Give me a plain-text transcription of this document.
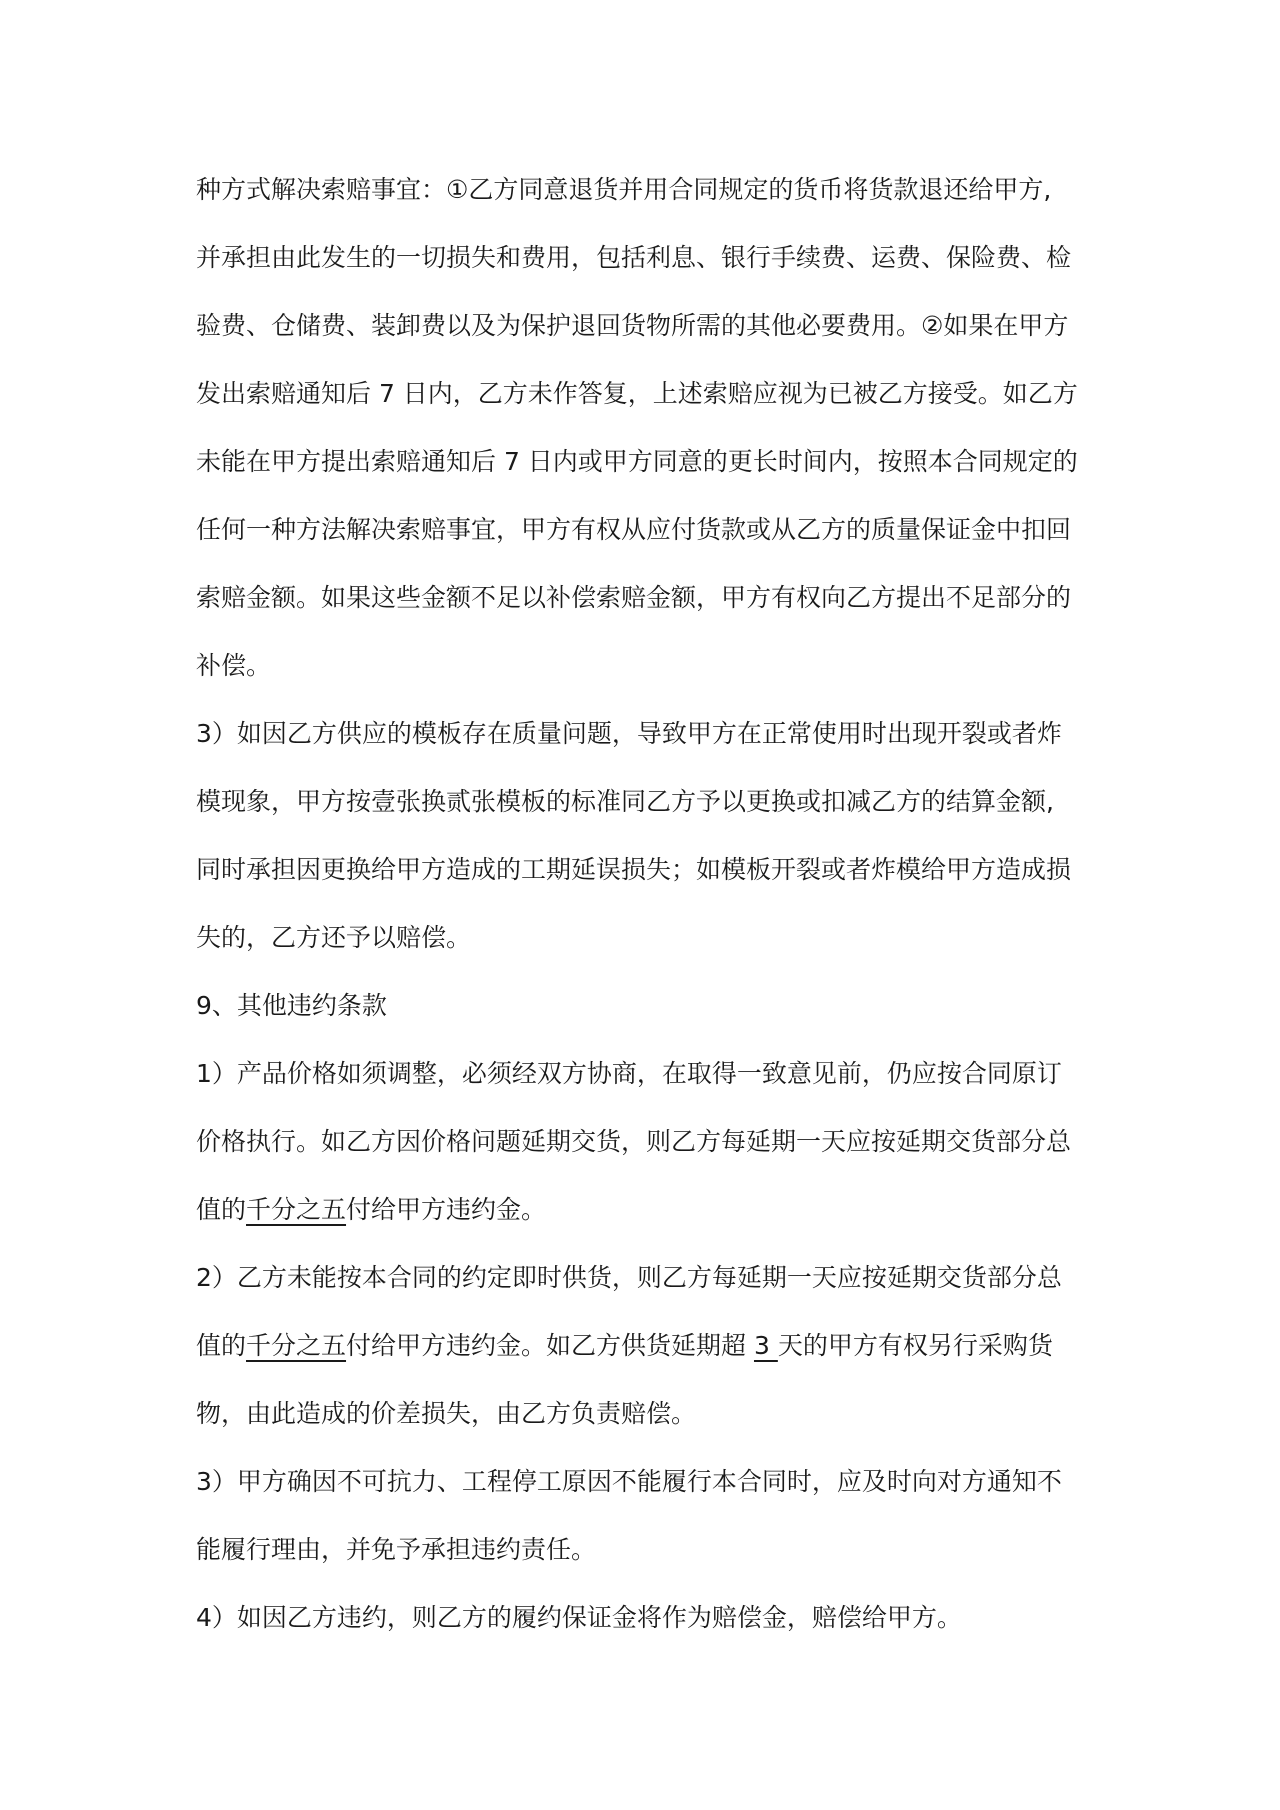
种方式解决索赔事宜：①乙方同意退货并用合同规定的货币将货款退还给甲方,
并承担由此发生的一切损失和费用，包括利息、银行手续费、运费、保险费、检
验费、仓储费、装卸费以及为保护退回货物所需的其他必要费用。②如果在甲方
发出索赔通知后 7 日内，乙方未作答复，上述索赔应视为已被乙方接受。如乙方
未能在甲方提出索赔通知后 7 日内或甲方同意的更长时间内，按照本合同规定的
任何一种方法解决索赔事宜，甲方有权从应付货款或从乙方的质量保证金中扣回
索赔金额。如果这些金额不足以补偿索赔金额，甲方有权向乙方提出不足部分的
补偿。
3）如因乙方供应的模板存在质量问题，导致甲方在正常使用时出现开裂或者炸
模现象，甲方按壹张换贰张模板的标准同乙方予以更换或扣减乙方的结算金额,
同时承担因更换给甲方造成的工期延误损失；如模板开裂或者炸模给甲方造成损
失的，乙方还予以赔偿。
9、其他违约条款
1）产品价格如须调整，必须经双方协商，在取得一致意见前，仍应按合同原订
价格执行。如乙方因价格问题延期交货，则乙方每延期一天应按延期交货部分总
值的千分之五付给甲方违约金。
2）乙方未能按本合同的约定即时供货，则乙方每延期一天应按延期交货部分总
值的千分之五付给甲方违约金。如乙方供货延期超 3 天的甲方有权另行采购货
物，由此造成的价差损失，由乙方负责赔偿。
3）甲方确因不可抗力、工程停工原因不能履行本合同时，应及时向对方通知不
能履行理由，并免予承担违约责任。
4）如因乙方违约，则乙方的履约保证金将作为赔偿金，赔偿给甲方。
